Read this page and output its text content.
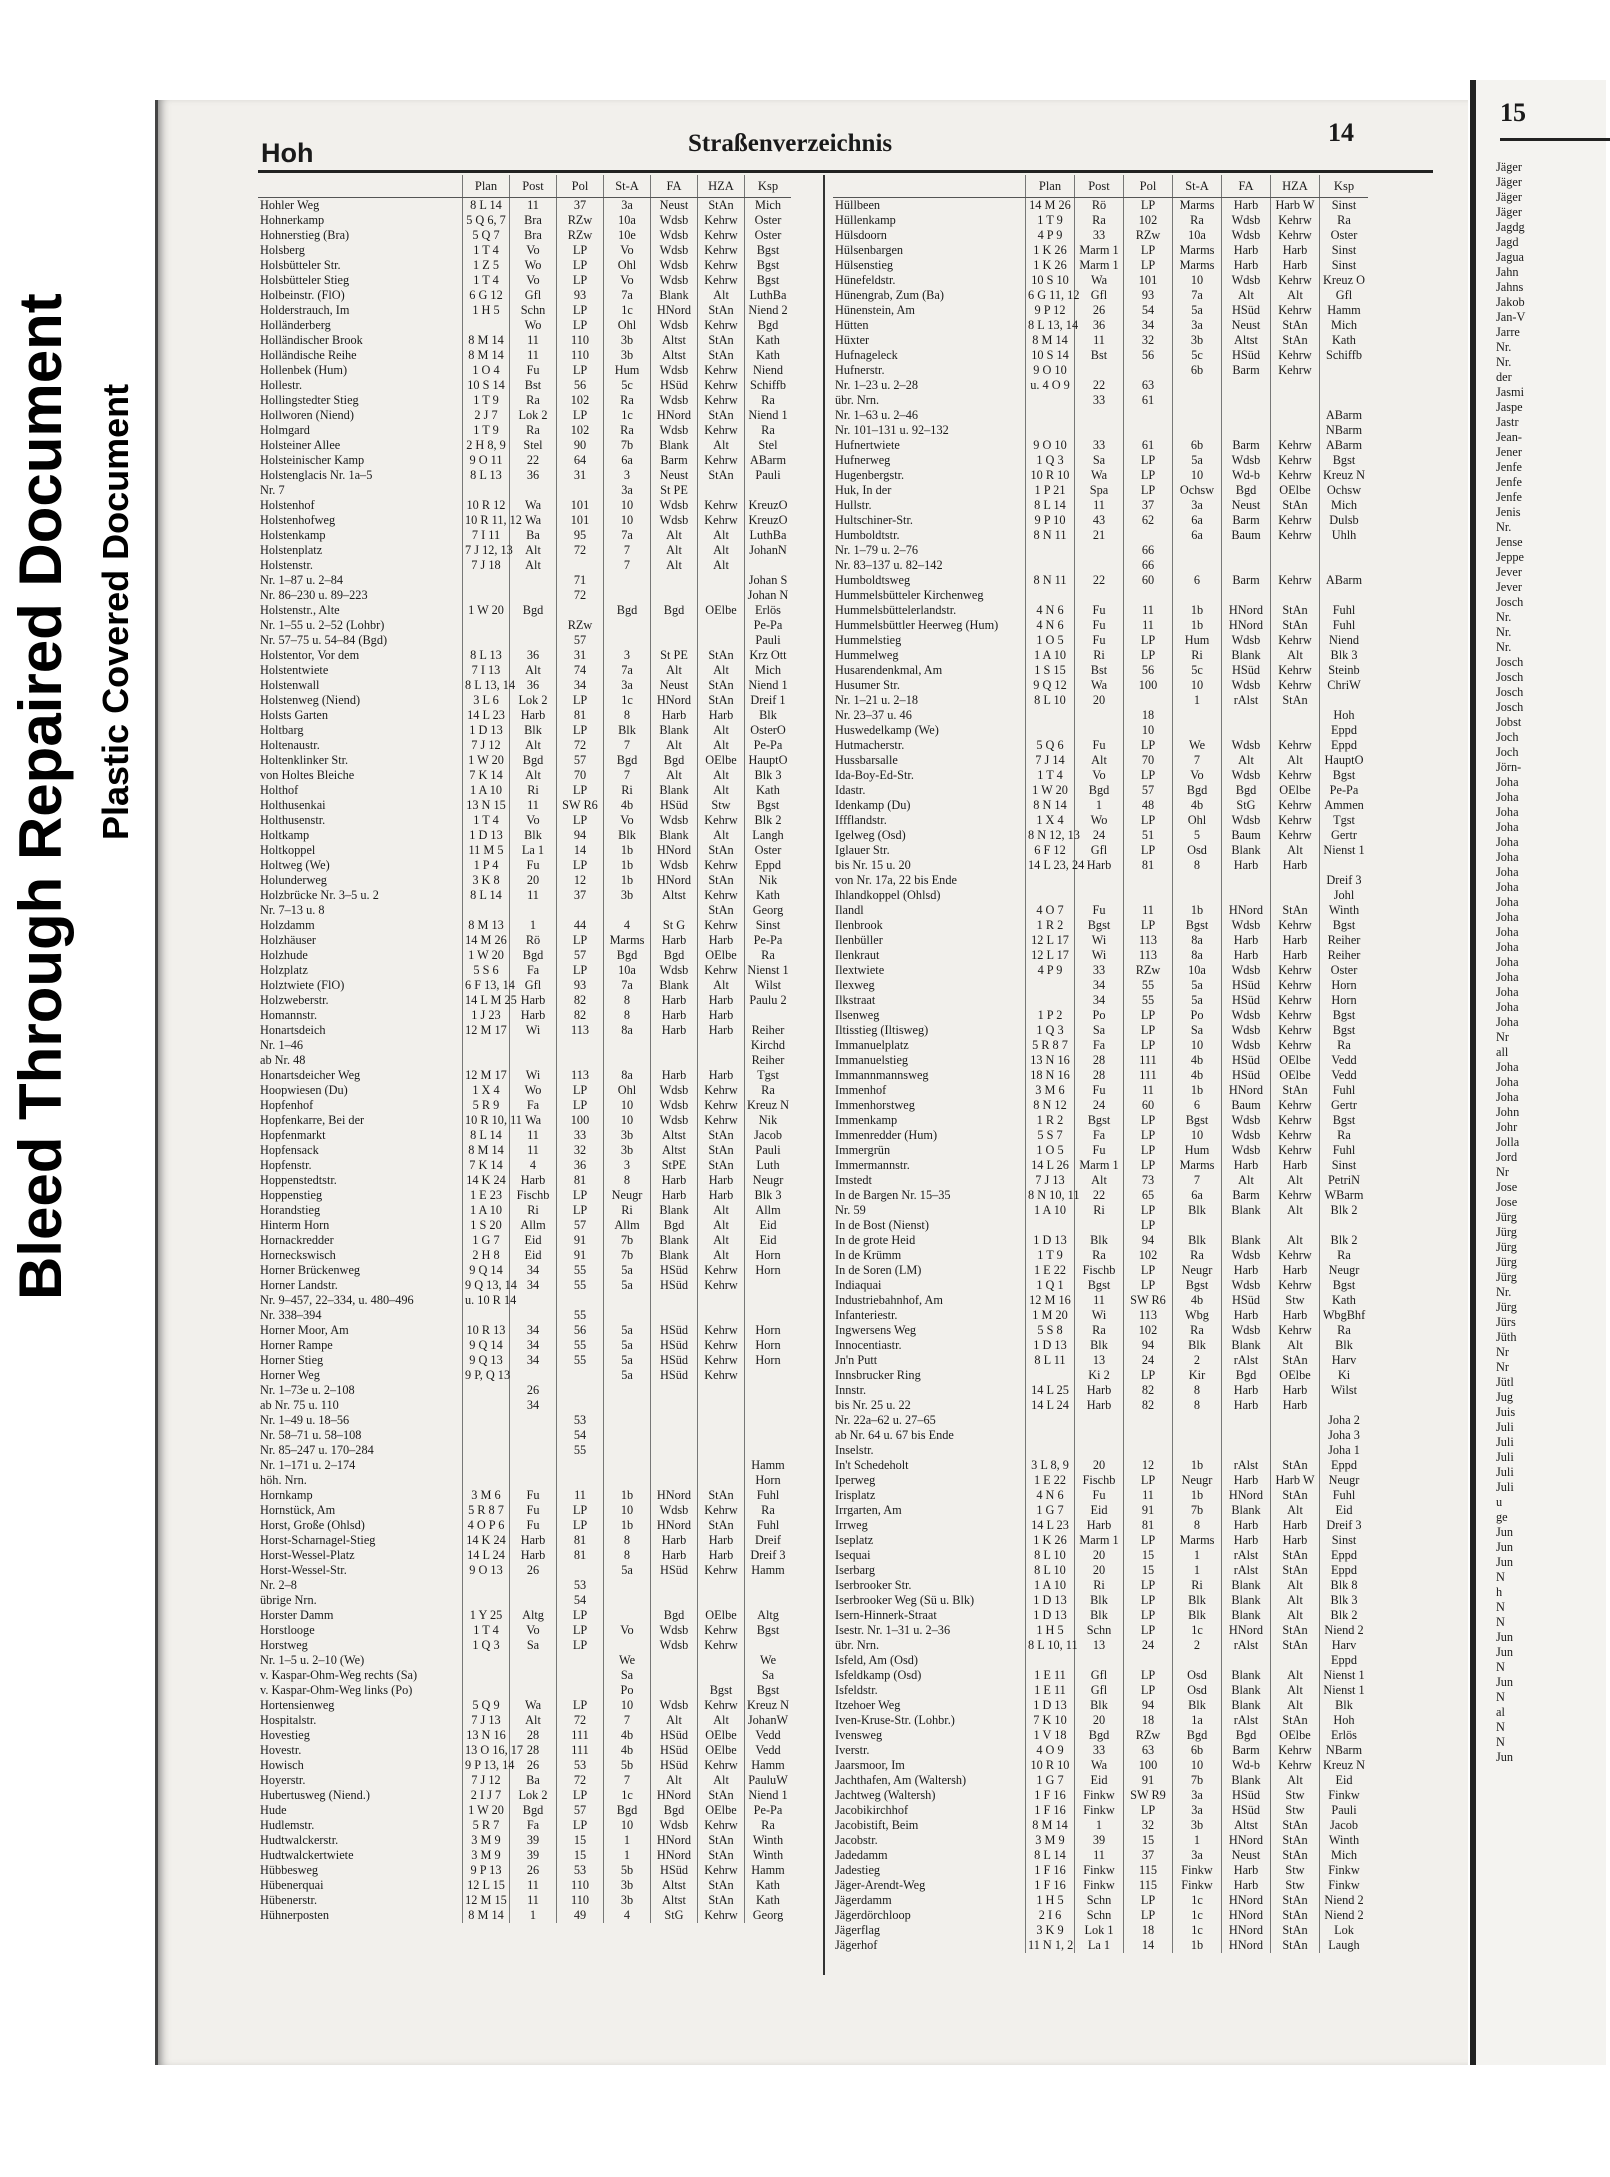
Bleed Through Repaired Document Plastic Covered Document
Hoh	Straßenverzeichnis	14
	Plan	Post	Pol	St-A	FA	HZA	Ksp
Hohler Weg	8 L 14	11	37	3a	Neust	StAn	Mich
Hohnerkamp	5 Q 6, 7	Bra	RZw	10a	Wdsb	Kehrw	Oster
Hohnerstieg (Bra)	5 Q 7	Bra	RZw	10e	Wdsb	Kehrw	Oster
Holsberg	1 T 4	Vo	LP	Vo	Wdsb	Kehrw	Bgst
Holsbütteler Str.	1 Z 5	Wo	LP	Ohl	Wdsb	Kehrw	Bgst
Holsbütteler Stieg	1 T 4	Vo	LP	Vo	Wdsb	Kehrw	Bgst
Holbeinstr. (FlO)	6 G 12	Gfl	93	7a	Blank	Alt	LuthBa
Holderstrauch, Im	1 H 5	Schn	LP	1c	HNord	StAn	Niend 2
Holländerberg		Wo	LP	Ohl	Wdsb	Kehrw	Bgd
Holländischer Brook	8 M 14	11	110	3b	Altst	StAn	Kath
Holländische Reihe	8 M 14	11	110	3b	Altst	StAn	Kath
Hollenbek (Hum)	1 O 4	Fu	LP	Hum	Wdsb	Kehrw	Niend
Hollestr.	10 S 14	Bst	56	5c	HSüd	Kehrw	Schiffb
Hollingstedter Stieg	1 T 9	Ra	102	Ra	Wdsb	Kehrw	Ra
Hollworen (Niend)	2 J 7	Lok 2	LP	1c	HNord	StAn	Niend 1
Holmgard	1 T 9	Ra	102	Ra	Wdsb	Kehrw	Ra
Holsteiner Allee	2 H 8, 9	Stel	90	7b	Blank	Alt	Stel
Holsteinischer Kamp	9 O 11	22	64	6a	Barm	Kehrw	ABarm
Holstenglacis Nr. 1a–5	8 L 13	36	31	3	Neust	StAn	Pauli
Nr. 7				3a	St PE		
Holstenhof	10 R 12	Wa	101	10	Wdsb	Kehrw	KreuzO
Holstenhofweg	10 R 11, 12	Wa	101	10	Wdsb	Kehrw	KreuzO
Holstenkamp	7 I 11	Ba	95	7a	Alt	Alt	LuthBa
Holstenplatz	7 J 12, 13	Alt	72	7	Alt	Alt	JohanN
Holstenstr.	7 J 18	Alt		7	Alt	Alt	
Nr. 1–87 u. 2–84			71				Johan S
Nr. 86–230 u. 89–223			72				Johan N
Holstenstr., Alte	1 W 20	Bgd		Bgd	Bgd	OElbe	Erlös
Nr. 1–55 u. 2–52 (Lohbr)			RZw				Pe-Pa
Nr. 57–75 u. 54–84 (Bgd)			57				Pauli
Holstentor, Vor dem	8 L 13	36	31	3	St PE	StAn	Krz Ott
Holstentwiete	7 I 13	Alt	74	7a	Alt	Alt	Mich
Holstenwall	8 L 13, 14	36	34	3a	Neust	StAn	Niend 1
Holstenweg (Niend)	3 L 6	Lok 2	LP	1c	HNord	StAn	Dreif 1
Holsts Garten	14 L 23	Harb	81	8	Harb	Harb	Blk
Holtbarg	1 D 13	Blk	LP	Blk	Blank	Alt	OsterO
Holtenaustr.	7 J 12	Alt	72	7	Alt	Alt	Pe-Pa
Holtenklinker Str.	1 W 20	Bgd	57	Bgd	Bgd	OElbe	HauptO
von Holtes Bleiche	7 K 14	Alt	70	7	Alt	Alt	Blk 3
Holthof	1 A 10	Ri	LP	Ri	Blank	Alt	Kath
Holthusenkai	13 N 15	11	SW R6	4b	HSüd	Stw	Bgst
Holthusenstr.	1 T 4	Vo	LP	Vo	Wdsb	Kehrw	Blk 2
Holtkamp	1 D 13	Blk	94	Blk	Blank	Alt	Langh
Holtkoppel	11 M 5	La 1	14	1b	HNord	StAn	Oster
Holtweg (We)	1 P 4	Fu	LP	1b	Wdsb	Kehrw	Eppd
Holunderweg	3 K 8	20	12	1b	HNord	StAn	Nik
Holzbrücke Nr. 3–5 u. 2	8 L 14	11	37	3b	Altst	Kehrw	Kath
Nr. 7–13 u. 8						StAn	Georg
Holzdamm	8 M 13	1	44	4	St G	Kehrw	Sinst
Holzhäuser	14 M 26	Rö	LP	Marms	Harb	Harb	Pe-Pa
Holzhude	1 W 20	Bgd	57	Bgd	Bgd	OElbe	Ra
Holzplatz	5 S 6	Fa	LP	10a	Wdsb	Kehrw	Nienst 1
Holztwiete (FlO)	6 F 13, 14	Gfl	93	7a	Blank	Alt	Wilst
Holzweberstr.	14 L M 25	Harb	82	8	Harb	Harb	Paulu 2
Homannstr.	1 J 23	Harb	82	8	Harb	Harb	
Honartsdeich	12 M 17	Wi	113	8a	Harb	Harb	Reiher
Nr. 1–46							Kirchd
ab Nr. 48							Reiher
Honartsdeicher Weg	12 M 17	Wi	113	8a	Harb	Harb	Tgst
Hoopwiesen (Du)	1 X 4	Wo	LP	Ohl	Wdsb	Kehrw	Ra
Hopfenhof	5 R 9	Fa	LP	10	Wdsb	Kehrw	Kreuz N
Hopfenkarre, Bei der	10 R 10, 11	Wa	100	10	Wdsb	Kehrw	Nik
Hopfenmarkt	8 L 14	11	33	3b	Altst	StAn	Jacob
Hopfensack	8 M 14	11	32	3b	Altst	StAn	Pauli
Hopfenstr.	7 K 14	4	36	3	StPE	StAn	Luth
Hoppenstedtstr.	14 K 24	Harb	81	8	Harb	Harb	Neugr
Hoppenstieg	1 E 23	Fischb	LP	Neugr	Harb	Harb	Blk 3
Horandstieg	1 A 10	Ri	LP	Ri	Blank	Alt	Allm
Hinterm Horn	1 S 20	Allm	57	Allm	Bgd	Alt	Eid
Hornackredder	1 G 7	Eid	91	7b	Blank	Alt	Eid
Horneckswisch	2 H 8	Eid	91	7b	Blank	Alt	Horn
Horner Brückenweg	9 Q 14	34	55	5a	HSüd	Kehrw	Horn
Horner Landstr.	9 Q 13, 14	34	55	5a	HSüd	Kehrw	
Nr. 9–457, 22–334, u. 480–496	u. 10 R 14						
Nr. 338–394			55				
Horner Moor, Am	10 R 13	34	56	5a	HSüd	Kehrw	Horn
Horner Rampe	9 Q 14	34	55	5a	HSüd	Kehrw	Horn
Horner Stieg	9 Q 13	34	55	5a	HSüd	Kehrw	Horn
Horner Weg	9 P, Q 13			5a	HSüd	Kehrw	
Nr. 1–73e u. 2–108		26					
ab Nr. 75 u. 110		34					
Nr. 1–49 u. 18–56			53				
Nr. 58–71 u. 58–108			54				
Nr. 85–247 u. 170–284			55				
Nr. 1–171 u. 2–174							Hamm
höh. Nrn.							Horn
Hornkamp	3 M 6	Fu	11	1b	HNord	StAn	Fuhl
Hornstück, Am	5 R 8 7	Fu	LP	10	Wdsb	Kehrw	Ra
Horst, Große (Ohlsd)	4 O P 6	Fu	LP	1b	HNord	StAn	Fuhl
Horst-Scharnagel-Stieg	14 K 24	Harb	81	8	Harb	Harb	Dreif
Horst-Wessel-Platz	14 L 24	Harb	81	8	Harb	Harb	Dreif 3
Horst-Wessel-Str.	9 O 13	26		5a	HSüd	Kehrw	Hamm
Nr. 2–8			53				
übrige Nrn.			54				
Horster Damm	1 Y 25	Altg	LP		Bgd	OElbe	Altg
Horstlooge	1 T 4	Vo	LP	Vo	Wdsb	Kehrw	Bgst
Horstweg	1 Q 3	Sa	LP		Wdsb	Kehrw	
Nr. 1–5 u. 2–10 (We)				We			We
v. Kaspar-Ohm-Weg rechts (Sa)				Sa			Sa
v. Kaspar-Ohm-Weg links (Po)				Po		Bgst	Bgst
Hortensienweg	5 Q 9	Wa	LP	10	Wdsb	Kehrw	Kreuz N
Hospitalstr.	7 J 13	Alt	72	7	Alt	Alt	JohanW
Hovestieg	13 N 16	28	111	4b	HSüd	OElbe	Vedd
Hovestr.	13 O 16, 17	28	111	4b	HSüd	OElbe	Vedd
Howisch	9 P 13, 14	26	53	5b	HSüd	Kehrw	Hamm
Hoyerstr.	7 J 12	Ba	72	7	Alt	Alt	PauluW
Hubertusweg (Niend.)	2 I J 7	Lok 2	LP	1c	HNord	StAn	Niend 1
Hude	1 W 20	Bgd	57	Bgd	Bgd	OElbe	Pe-Pa
Hudlemstr.	5 R 7	Fa	LP	10	Wdsb	Kehrw	Ra
Hudtwalckerstr.	3 M 9	39	15	1	HNord	StAn	Winth
Hudtwalckertwiete	3 M 9	39	15	1	HNord	StAn	Winth
Hübbesweg	9 P 13	26	53	5b	HSüd	Kehrw	Hamm
Hübenerquai	12 L 15	11	110	3b	Altst	StAn	Kath
Hübenerstr.	12 M 15	11	110	3b	Altst	StAn	Kath
Hühnerposten	8 M 14	1	49	4	StG	Kehrw	Georg
	Plan	Post	Pol	St-A	FA	HZA	Ksp
Hüllbeen	14 M 26	Rö	LP	Marms	Harb	Harb W	Sinst
Hüllenkamp	1 T 9	Ra	102	Ra	Wdsb	Kehrw	Ra
Hülsdoorn	4 P 9	33	RZw	10a	Wdsb	Kehrw	Oster
Hülsenbargen	1 K 26	Marm 1	LP	Marms	Harb	Harb	Sinst
Hülsenstieg	1 K 26	Marm 1	LP	Marms	Harb	Harb	Sinst
Hünefeldstr.	10 S 10	Wa	101	10	Wdsb	Kehrw	Kreuz O
Hünengrab, Zum (Ba)	6 G 11, 12	Gfl	93	7a	Alt	Alt	Gfl
Hünenstein, Am	9 P 12	26	54	5a	HSüd	Kehrw	Hamm
Hütten	8 L 13, 14	36	34	3a	Neust	StAn	Mich
Hüxter	8 M 14	11	32	3b	Altst	StAn	Kath
Hufnageleck	10 S 14	Bst	56	5c	HSüd	Kehrw	Schiffb
Hufnerstr.	9 O 10			6b	Barm	Kehrw	
Nr. 1–23 u. 2–28	u. 4 O 9	22	63				
übr. Nrn.		33	61				
Nr. 1–63 u. 2–46							ABarm
Nr. 101–131 u. 92–132							NBarm
Hufnertwiete	9 O 10	33	61	6b	Barm	Kehrw	ABarm
Hufnerweg	1 Q 3	Sa	LP	5a	Wdsb	Kehrw	Bgst
Hugenbergstr.	10 R 10	Wa	LP	10	Wd-b	Kehrw	Kreuz N
Huk, In der	1 P 21	Spa	LP	Ochsw	Bgd	OElbe	Ochsw
Hullstr.	8 L 14	11	37	3a	Neust	StAn	Mich
Hultschiner-Str.	9 P 10	43	62	6a	Barm	Kehrw	Dulsb
Humboldtstr.	8 N 11	21		6a	Baum	Kehrw	Uhlh
Nr. 1–79 u. 2–76			66				
Nr. 83–137 u. 82–142			66				
Humboldtsweg	8 N 11	22	60	6	Barm	Kehrw	ABarm
Hummelsbütteler Kirchenweg							
Hummelsbüttelerlandstr.	4 N 6	Fu	11	1b	HNord	StAn	Fuhl
Hummelsbüttler Heerweg (Hum)	4 N 6	Fu	11	1b	HNord	StAn	Fuhl
Hummelstieg	1 O 5	Fu	LP	Hum	Wdsb	Kehrw	Niend
Hummelweg	1 A 10	Ri	LP	Ri	Blank	Alt	Blk 3
Husarendenkmal, Am	1 S 15	Bst	56	5c	HSüd	Kehrw	Steinb
Husumer Str.	9 Q 12	Wa	100	10	Wdsb	Kehrw	ChriW
Nr. 1–21 u. 2–18	8 L 10	20		1	rAlst	StAn	
Nr. 23–37 u. 46			18				Hoh
Huswedelkamp (We)			10				Eppd
Hutmacherstr.	5 Q 6	Fu	LP	We	Wdsb	Kehrw	Eppd
Hussbarsalle	7 J 14	Alt	70	7	Alt	Alt	HauptO
Ida-Boy-Ed-Str.	1 T 4	Vo	LP	Vo	Wdsb	Kehrw	Bgst
Idastr.	1 W 20	Bgd	57	Bgd	Bgd	OElbe	Pe-Pa
Idenkamp (Du)	8 N 14	1	48	4b	StG	Kehrw	Ammen
Iffflandstr.	1 X 4	Wo	LP	Ohl	Wdsb	Kehrw	Tgst
Igelweg (Osd)	8 N 12, 13	24	51	5	Baum	Kehrw	Gertr
Iglauer Str.	6 F 12	Gfl	LP	Osd	Blank	Alt	Nienst 1
bis Nr. 15 u. 20	14 L 23, 24	Harb	81	8	Harb	Harb	
von Nr. 17a, 22 bis Ende							Dreif 3
Ihlandkoppel (Ohlsd)							Johl
Ilandl	4 O 7	Fu	11	1b	HNord	StAn	Winth
Ilenbrook	1 R 2	Bgst	LP	Bgst	Wdsb	Kehrw	Bgst
Ilenbüller	12 L 17	Wi	113	8a	Harb	Harb	Reiher
Ilenkraut	12 L 17	Wi	113	8a	Harb	Harb	Reiher
Ilextwiete	4 P 9	33	RZw	10a	Wdsb	Kehrw	Oster
Ilexweg		34	55	5a	HSüd	Kehrw	Horn
Ilkstraat		34	55	5a	HSüd	Kehrw	Horn
Ilsenweg	1 P 2	Po	LP	Po	Wdsb	Kehrw	Bgst
Iltisstieg (Iltisweg)	1 Q 3	Sa	LP	Sa	Wdsb	Kehrw	Bgst
Immanuelplatz	5 R 8 7	Fa	LP	10	Wdsb	Kehrw	Ra
Immanuelstieg	13 N 16	28	111	4b	HSüd	OElbe	Vedd
Immannmannsweg	18 N 16	28	111	4b	HSüd	OElbe	Vedd
Immenhof	3 M 6	Fu	11	1b	HNord	StAn	Fuhl
Immenhorstweg	8 N 12	24	60	6	Baum	Kehrw	Gertr
Immenkamp	1 R 2	Bgst	LP	Bgst	Wdsb	Kehrw	Bgst
Immenredder (Hum)	5 S 7	Fa	LP	10	Wdsb	Kehrw	Ra
Immergrün	1 O 5	Fu	LP	Hum	Wdsb	Kehrw	Fuhl
Immermannstr.	14 L 26	Marm 1	LP	Marms	Harb	Harb	Sinst
Imstedt	7 J 13	Alt	73	7	Alt	Alt	PetriN
In de Bargen Nr. 15–35	8 N 10, 11	22	65	6a	Barm	Kehrw	WBarm
Nr. 59	1 A 10	Ri	LP	Blk	Blank	Alt	Blk 2
In de Bost (Nienst)			LP				
In de grote Heid	1 D 13	Blk	94	Blk	Blank	Alt	Blk 2
In de Krümm	1 T 9	Ra	102	Ra	Wdsb	Kehrw	Ra
In de Soren (LM)	1 E 22	Fischb	LP	Neugr	Harb	Harb	Neugr
Indiaquai	1 Q 1	Bgst	LP	Bgst	Wdsb	Kehrw	Bgst
Industriebahnhof, Am	12 M 16	11	SW R6	4b	HSüd	Stw	Kath
Infanteriestr.	1 M 20	Wi	113	Wbg	Harb	Harb	WbgBhf
Ingwersens Weg	5 S 8	Ra	102	Ra	Wdsb	Kehrw	Ra
Innocentiastr.	1 D 13	Blk	94	Blk	Blank	Alt	Blk
Jn'n Putt	8 L 11	13	24	2	rAlst	StAn	Harv
Innsbrucker Ring		Ki 2	LP	Kir	Bgd	OElbe	Ki
Innstr.	14 L 25	Harb	82	8	Harb	Harb	Wilst
bis Nr. 25 u. 22	14 L 24	Harb	82	8	Harb	Harb	
Nr. 22a–62 u. 27–65							Joha 2
ab Nr. 64 u. 67 bis Ende							Joha 3
Inselstr.							Joha 1
In't Schedeholt	3 L 8, 9	20	12	1b	rAlst	StAn	Eppd
Iperweg	1 E 22	Fischb	LP	Neugr	Harb	Harb W	Neugr
Irisplatz	4 N 6	Fu	11	1b	HNord	StAn	Fuhl
Irrgarten, Am	1 G 7	Eid	91	7b	Blank	Alt	Eid
Irrweg	14 L 23	Harb	81	8	Harb	Harb	Dreif 3
Iseplatz	1 K 26	Marm 1	LP	Marms	Harb	Harb	Sinst
Isequai	8 L 10	20	15	1	rAlst	StAn	Eppd
Iserbarg	8 L 10	20	15	1	rAlst	StAn	Eppd
Iserbrooker Str.	1 A 10	Ri	LP	Ri	Blank	Alt	Blk 8
Iserbrooker Weg (Sü u. Blk)	1 D 13	Blk	LP	Blk	Blank	Alt	Blk 3
Isern-Hinnerk-Straat	1 D 13	Blk	LP	Blk	Blank	Alt	Blk 2
Isestr. Nr. 1–31 u. 2–36	1 H 5	Schn	LP	1c	HNord	StAn	Niend 2
übr. Nrn.	8 L 10, 11	13	24	2	rAlst	StAn	Harv
Isfeld, Am (Osd)							Eppd
Isfeldkamp (Osd)	1 E 11	Gfl	LP	Osd	Blank	Alt	Nienst 1
Isfeldstr.	1 E 11	Gfl	LP	Osd	Blank	Alt	Nienst 1
Itzehoer Weg	1 D 13	Blk	94	Blk	Blank	Alt	Blk
Iven-Kruse-Str. (Lohbr.)	7 K 10	20	18	1a	rAlst	StAn	Hoh
Ivensweg	1 V 18	Bgd	RZw	Bgd	Bgd	OElbe	Erlös
Iverstr.	4 O 9	33	63	6b	Barm	Kehrw	NBarm
Jaarsmoor, Im	10 R 10	Wa	100	10	Wd-b	Kehrw	Kreuz N
Jachthafen, Am (Waltersh)	1 G 7	Eid	91	7b	Blank	Alt	Eid
Jachtweg (Waltersh)	1 F 16	Finkw	SW R9	3a	HSüd	Stw	Finkw
Jacobikirchhof	1 F 16	Finkw	LP	3a	HSüd	Stw	Pauli
Jacobistift, Beim	8 M 14	1	32	3b	Altst	StAn	Jacob
Jacobstr.	3 M 9	39	15	1	HNord	StAn	Winth
Jadedamm	8 L 14	11	37	3a	Neust	StAn	Mich
Jadestieg	1 F 16	Finkw	115	Finkw	Harb	Stw	Finkw
Jäger-Arendt-Weg	1 F 16	Finkw	115	Finkw	Harb	Stw	Finkw
Jägerdamm	1 H 5	Schn	LP	1c	HNord	StAn	Niend 2
Jägerdörchloop	2 I 6	Schn	LP	1c	HNord	StAn	Niend 2
Jägerflag	3 K 9	Lok 1	18	1c	HNord	StAn	Lok
Jägerhof	11 N 1, 2	La 1	14	1b	HNord	StAn	Laugh
15
Jäger
Jäger
Jäger
Jäger
Jagdg
Jagd
Jagua
Jahn
Jahns
Jakob
Jan-V
Jarre
Nr.
Nr.
der
Jasmi
Jaspe
Jastr
Jean-
Jener
Jenfe
Jenfe
Jenfe
Jenis
Nr.
Jense
Jeppe
Jever
Jever
Josch
Nr.
Nr.
Nr.
Josch
Josch
Josch
Josch
Jobst
Joch
Joch
Jörn-
Joha
Joha
Joha
Joha
Joha
Joha
Joha
Joha
Joha
Joha
Joha
Joha
Joha
Joha
Joha
Joha
Joha
Nr
all
Joha
Joha
Joha
John
Johr
Jolla
Jord
Nr
Jose
Jose
Jürg
Jürg
Jürg
Jürg
Jürg
Nr.
Jürg
Jürs
Jüth
Nr
Nr
Jütl
Jug
Juis
Juli
Juli
Juli
Juli
Juli
u
ge
Jun
Jun
Jun
N
h
N
N
Jun
Jun
N
Jun
N
al
N
N
Jun
